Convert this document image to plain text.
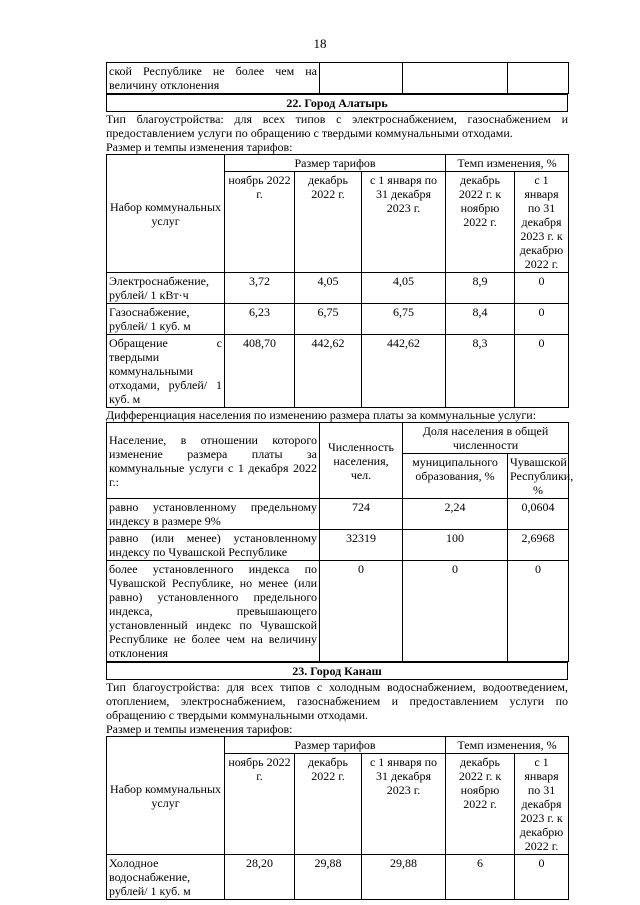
18
ской Республике не более чем на величину отклонения			
22. Город Алатырь
Тип благоустройства: для всех типов с электроснабжением, газоснабжением и предоставлением услуги по обращению с твердыми коммунальными отходами.
Размер и темпы изменения тарифов:
Набор коммунальных услуг	Размер тарифов			Темп изменения, %	
	ноябрь 2022 г.	декабрь 2022 г.	с 1 января по 31 декабря 2023 г.	декабрь 2022 г. к ноябрю 2022 г.	с 1 января по 31 декабря 2023 г. к декабрю 2022 г.
Электроснабжение, рублей/ 1 кВт·ч	3,72	4,05	4,05	8,9	0
Газоснабжение, рублей/ 1 куб. м	6,23	6,75	6,75	8,4	0
Обращение с твердыми коммунальными отходами, рублей/ 1 куб. м	408,70	442,62	442,62	8,3	0
Дифференциация населения по изменению размера платы за коммунальные услуги:
Население, в отношении которого изменение размера платы за коммунальные услуги с 1 декабря 2022 г.:	Численность населения, чел.	Доля населения в общей численности	
		муниципального образования, %	Чувашской Республики, %
равно установленному предельному индексу в размере 9%	724	2,24	0,0604
равно (или менее) установленному индексу по Чувашской Республике	32319	100	2,6968
более установленного индекса по Чувашской Республике, но менее (или равно) установленного предельного индекса, превышающего установленный индекс по Чувашской Республике не более чем на величину отклонения	0	0	0
23. Город Канаш
Тип благоустройства: для всех типов с холодным водоснабжением, водоотведением, отоплением, электроснабжением, газоснабжением и предоставлением услуги по обращению с твердыми коммунальными отходами.
Размер и темпы изменения тарифов:
Набор коммунальных услуг	Размер тарифов			Темп изменения, %	
	ноябрь 2022 г.	декабрь 2022 г.	с 1 января по 31 декабря 2023 г.	декабрь 2022 г. к ноябрю 2022 г.	с 1 января по 31 декабря 2023 г. к декабрю 2022 г.
Холодное водоснабжение, рублей/ 1 куб. м	28,20	29,88	29,88	6	0
